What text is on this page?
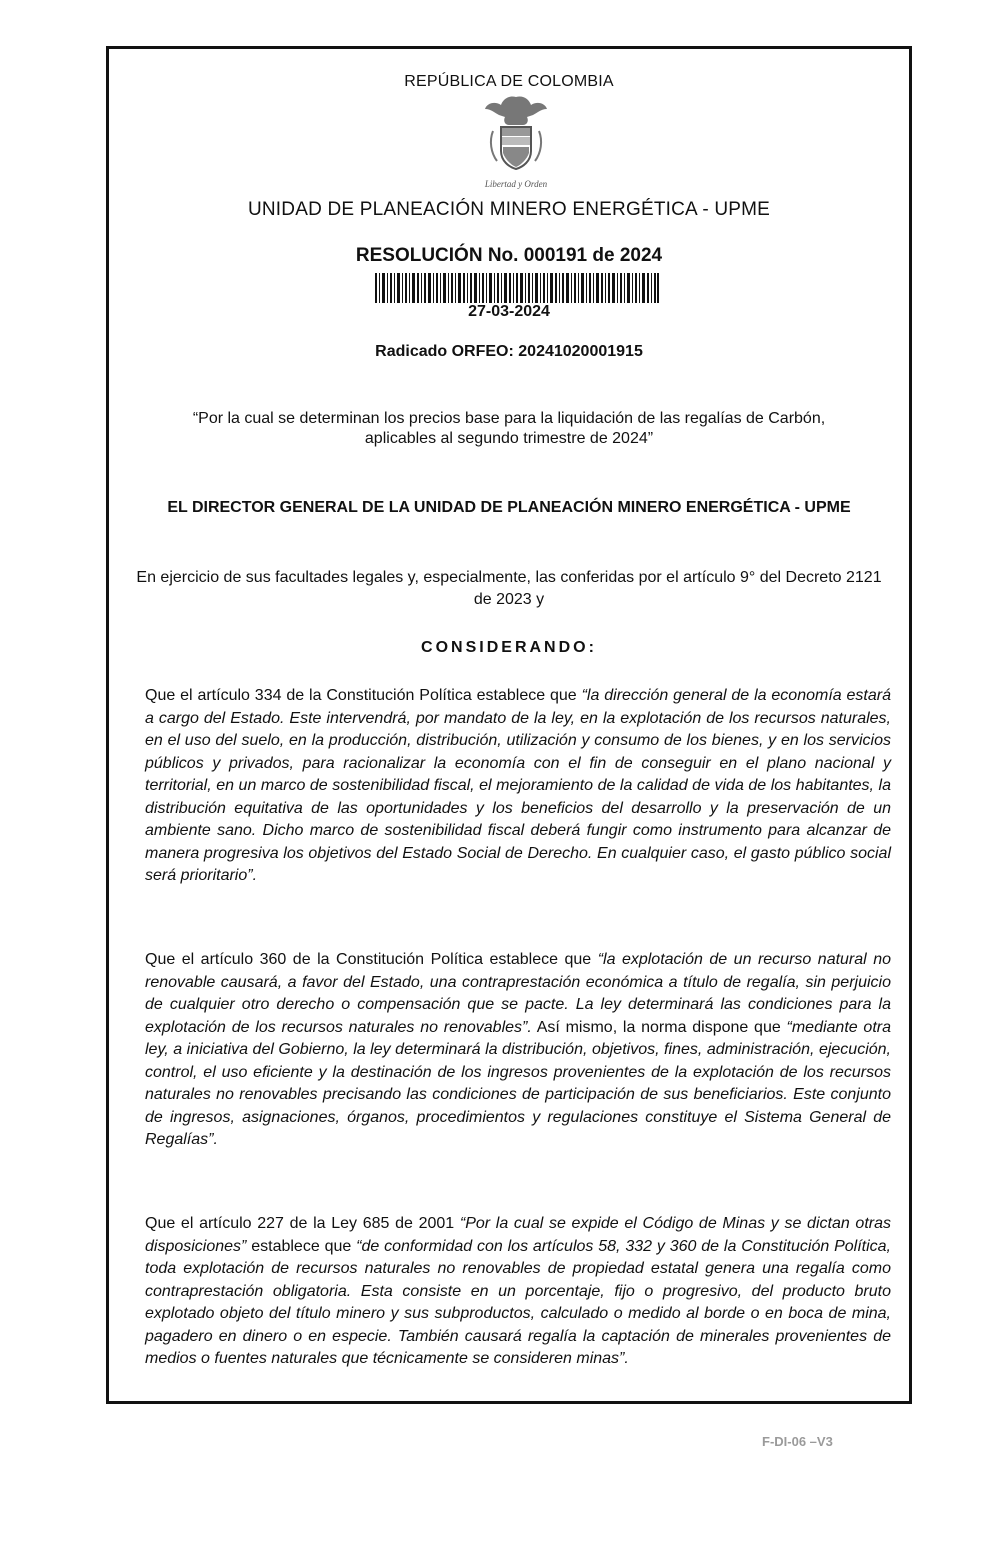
REPÚBLICA DE COLOMBIA
Libertad y Orden
UNIDAD DE PLANEACIÓN MINERO ENERGÉTICA - UPME
RESOLUCIÓN No. 000191 de 2024
27-03-2024
Radicado ORFEO: 20241020001915
“Por la cual se determinan los precios base para la liquidación de las regalías de Carbón,
aplicables al segundo trimestre de 2024”
EL DIRECTOR GENERAL DE LA UNIDAD DE PLANEACIÓN MINERO ENERGÉTICA - UPME
En ejercicio de sus facultades legales y, especialmente, las conferidas por el artículo 9° del Decreto 2121 de 2023 y
CONSIDERANDO:

Que el artículo 334 de la Constitución Política establece que “la dirección general de la economía estará a cargo del Estado. Este intervendrá, por mandato de la ley, en la explotación de los recursos naturales, en el uso del suelo, en la producción, distribución, utilización y consumo de los bienes, y en los servicios públicos y privados, para racionalizar la economía con el fin de conseguir en el plano nacional y territorial, en un marco de sostenibilidad fiscal, el mejoramiento de la calidad de vida de los habitantes, la distribución equitativa de las oportunidades y los beneficios del desarrollo y la preservación de un ambiente sano. Dicho marco de sostenibilidad fiscal deberá fungir como instrumento para alcanzar de manera progresiva los objetivos del Estado Social de Derecho. En cualquier caso, el gasto público social será prioritario”.

Que el artículo 360 de la Constitución Política establece que “la explotación de un recurso natural no renovable causará, a favor del Estado, una contraprestación económica a título de regalía, sin perjuicio de cualquier otro derecho o compensación que se pacte. La ley determinará las condiciones para la explotación de los recursos naturales no renovables”. Así mismo, la norma dispone que “mediante otra ley, a iniciativa del Gobierno, la ley determinará la distribución, objetivos, fines, administración, ejecución, control, el uso eficiente y la destinación de los ingresos provenientes de la explotación de los recursos naturales no renovables precisando las condiciones de participación de sus beneficiarios. Este conjunto de ingresos, asignaciones, órganos, procedimientos y regulaciones constituye el Sistema General de Regalías”.

Que el artículo 227 de la Ley 685 de 2001 “Por la cual se expide el Código de Minas y se dictan otras disposiciones” establece que “de conformidad con los artículos 58, 332 y 360 de la Constitución Política, toda explotación de recursos naturales no renovables de propiedad estatal genera una regalía como contraprestación obligatoria. Esta consiste en un porcentaje, fijo o progresivo, del producto bruto explotado objeto del título minero y sus subproductos, calculado o medido al borde o en boca de mina, pagadero en dinero o en especie. También causará regalía la captación de minerales provenientes de medios o fuentes naturales que técnicamente se consideren minas”.

F-DI-06 –V3
